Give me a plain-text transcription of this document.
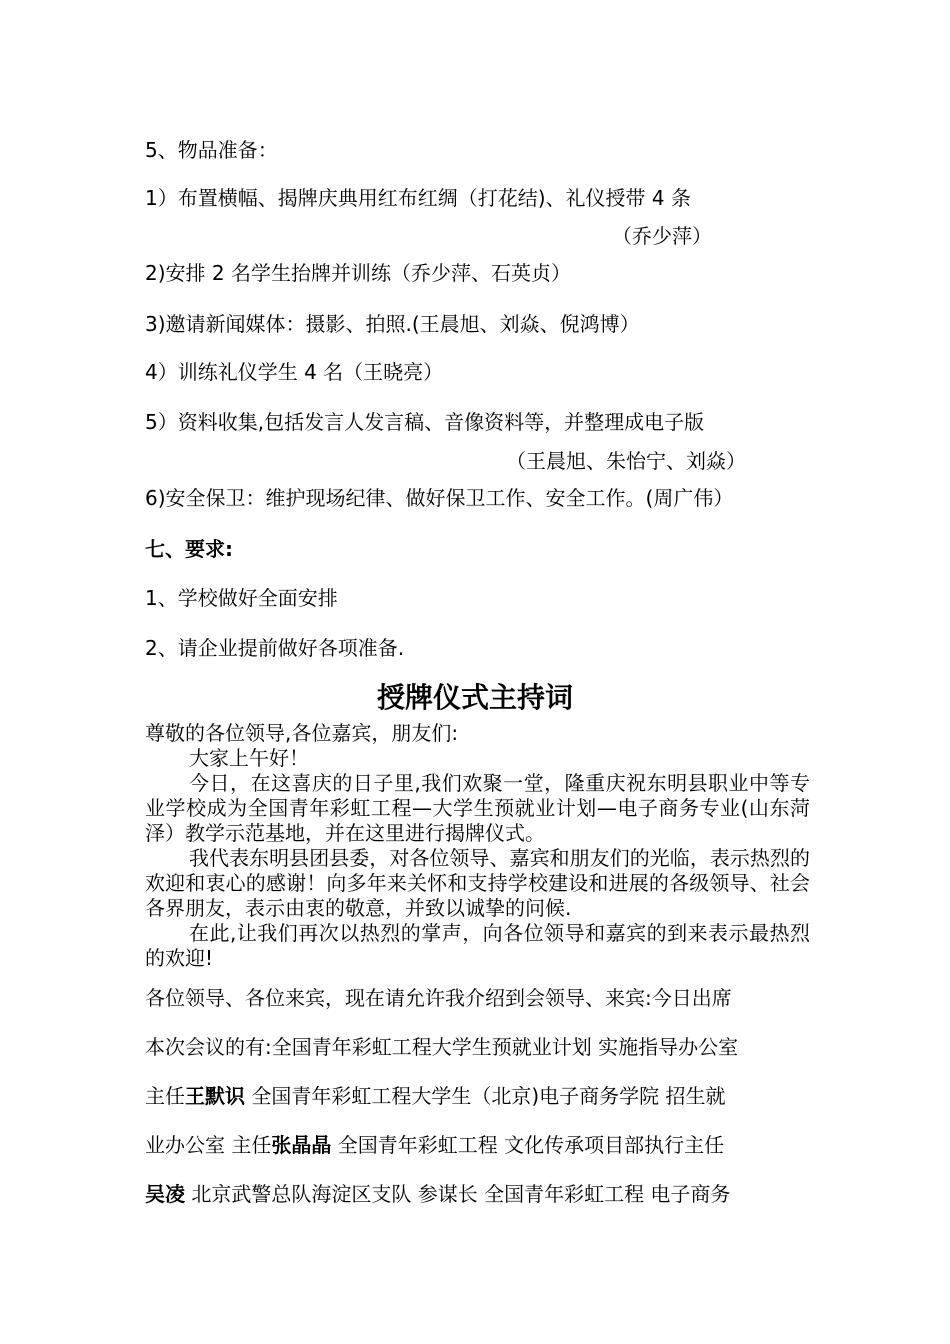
5、物品准备：
1）布置横幅、揭牌庆典用红布红绸（打花结)、礼仪授带 4 条
（乔少萍）
2)安排 2 名学生抬牌并训练（乔少萍、石英贞）
3)邀请新闻媒体：摄影、拍照.(王晨旭、刘焱、倪鸿博）
4）训练礼仪学生 4 名（王晓亮）
5）资料收集,包括发言人发言稿、音像资料等，并整理成电子版
（王晨旭、朱怡宁、刘焱）
6)安全保卫：维护现场纪律、做好保卫工作、安全工作。(周广伟）
七、要求:
1、学校做好全面安排
2、请企业提前做好各项准备.
授牌仪式主持词
尊敬的各位领导,各位嘉宾，朋友们:
大家上午好！
今日，在这喜庆的日子里,我们欢聚一堂，隆重庆祝东明县职业中等专业学校成为全国青年彩虹工程—大学生预就业计划—电子商务专业(山东菏泽）教学示范基地，并在这里进行揭牌仪式。
我代表东明县团县委，对各位领导、嘉宾和朋友们的光临，表示热烈的欢迎和衷心的感谢！向多年来关怀和支持学校建设和进展的各级领导、社会各界朋友，表示由衷的敬意，并致以诚挚的问候.
在此,让我们再次以热烈的掌声，向各位领导和嘉宾的到来表示最热烈的欢迎!
各位领导、各位来宾，现在请允许我介绍到会领导、来宾:今日出席
本次会议的有:全国青年彩虹工程大学生预就业计划 实施指导办公室
主任王默识 全国青年彩虹工程大学生（北京)电子商务学院 招生就
业办公室 主任张晶晶 全国青年彩虹工程 文化传承项目部执行主任
吴凌 北京武警总队海淀区支队 参谋长 全国青年彩虹工程 电子商务
